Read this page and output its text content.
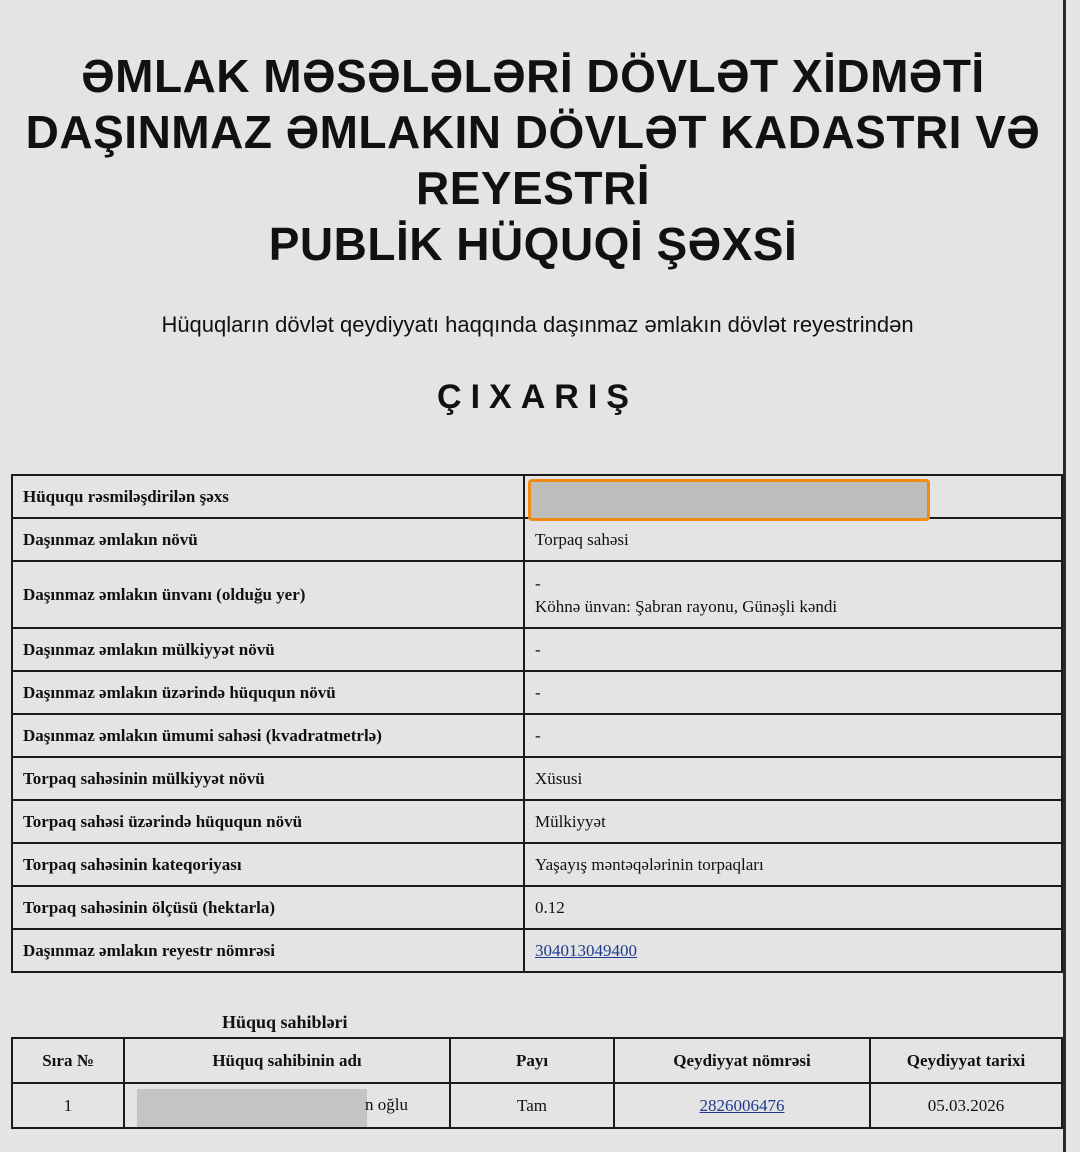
ƏMLAK MƏSƏLƏLƏRİ DÖVLƏT XİDMƏTİ
DAŞINMAZ ƏMLAKIN DÖVLƏT KADASTRI VƏ
REYESTRİ
PUBLİK HÜQUQİ ŞƏXSİ
Hüquqların dövlət qeydiyyatı haqqında daşınmaz əmlakın dövlət reyestrindən
ÇIXARIŞ
Hüququ rəsmiləşdirilən şəxs	

Daşınmaz əmlakın növü	Torpaq sahəsi
Daşınmaz əmlakın ünvanı (olduğu yer)	-
Köhnə ünvan: Şabran rayonu, Günəşli kəndi

Daşınmaz əmlakın mülkiyyət növü	-
Daşınmaz əmlakın üzərində hüququn növü	-
Daşınmaz əmlakın ümumi sahəsi (kvadratmetrlə)	-
Torpaq sahəsinin mülkiyyət növü	Xüsusi
Torpaq sahəsi üzərində hüququn növü	Mülkiyyət
Torpaq sahəsinin kateqoriyası	Yaşayış məntəqələrinin torpaqları
Torpaq sahəsinin ölçüsü (hektarla)	0.12
Daşınmaz əmlakın reyestr nömrəsi	304013049400
Hüquq sahibləri
Sıra №	Hüquq sahibinin adı	Payı	Qeydiyyat nömrəsi	Qeydiyyat tarixi
1	n oğlu	Tam	2826006476	05.03.2026
